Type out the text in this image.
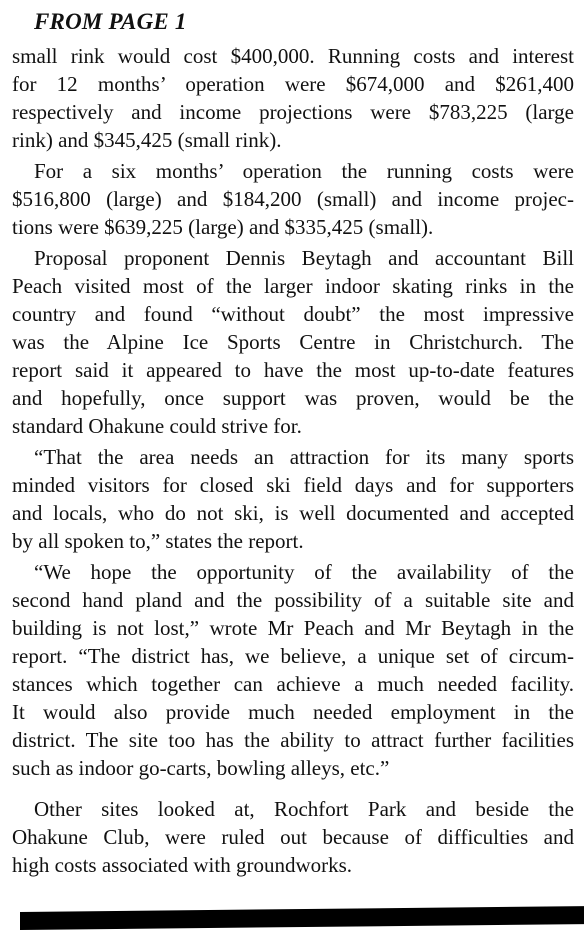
FROM PAGE 1

small rink would cost $400,000. Running costs and interest

for 12 months’ operation were $674,000 and $261,400

respectively and income projections were $783,225 (large

rink) and $345,425 (small rink).

For a six months’ operation the running costs were

$516,800 (large) and $184,200 (small) and income projec-

tions were $639,225 (large) and $335,425 (small).

Proposal proponent Dennis Beytagh and accountant Bill

Peach visited most of the larger indoor skating rinks in the

country and found “without doubt” the most impressive

was the Alpine Ice Sports Centre in Christchurch. The

report said it appeared to have the most up-to-date features

and hopefully, once support was proven, would be the

standard Ohakune could strive for.

“That the area needs an attraction for its many sports

minded visitors for closed ski field days and for supporters

and locals, who do not ski, is well documented and accepted

by all spoken to,” states the report.

“We hope the opportunity of the availability of the

second hand pland and the possibility of a suitable site and

building is not lost,” wrote Mr Peach and Mr Beytagh in the

report. “The district has, we believe, a unique set of circum-

stances which together can achieve a much needed facility.

It would also provide much needed employment in the

district. The site too has the ability to attract further facilities

such as indoor go-carts, bowling alleys, etc.”

Other sites looked at, Rochfort Park and beside the

Ohakune Club, were ruled out because of difficulties and

high costs associated with groundworks.
